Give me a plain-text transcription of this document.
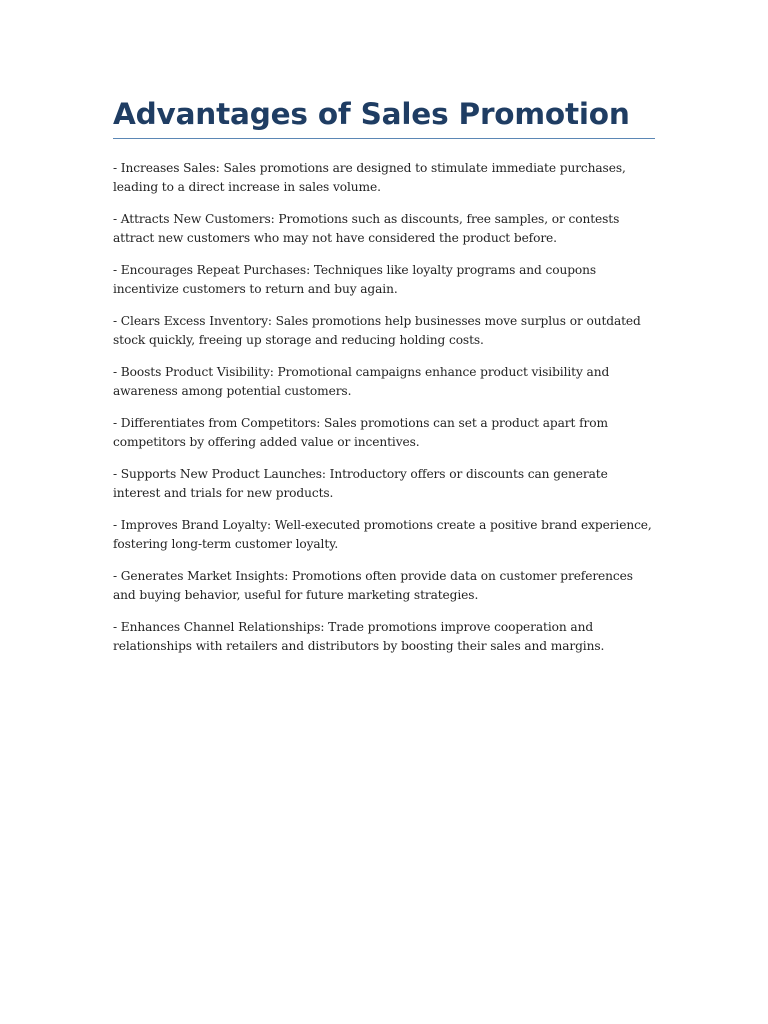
Advantages of Sales Promotion

- Increases Sales: Sales promotions are designed to stimulate immediate purchases, leading to a direct increase in sales volume.

- Attracts New Customers: Promotions such as discounts, free samples, or contests attract new customers who may not have considered the product before.

- Encourages Repeat Purchases: Techniques like loyalty programs and coupons incentivize customers to return and buy again.

- Clears Excess Inventory: Sales promotions help businesses move surplus or outdated stock quickly, freeing up storage and reducing holding costs.

- Boosts Product Visibility: Promotional campaigns enhance product visibility and awareness among potential customers.

- Differentiates from Competitors: Sales promotions can set a product apart from competitors by offering added value or incentives.

- Supports New Product Launches: Introductory offers or discounts can generate interest and trials for new products.

- Improves Brand Loyalty: Well-executed promotions create a positive brand experience, fostering long-term customer loyalty.

- Generates Market Insights: Promotions often provide data on customer preferences and buying behavior, useful for future marketing strategies.

- Enhances Channel Relationships: Trade promotions improve cooperation and relationships with retailers and distributors by boosting their sales and margins.
